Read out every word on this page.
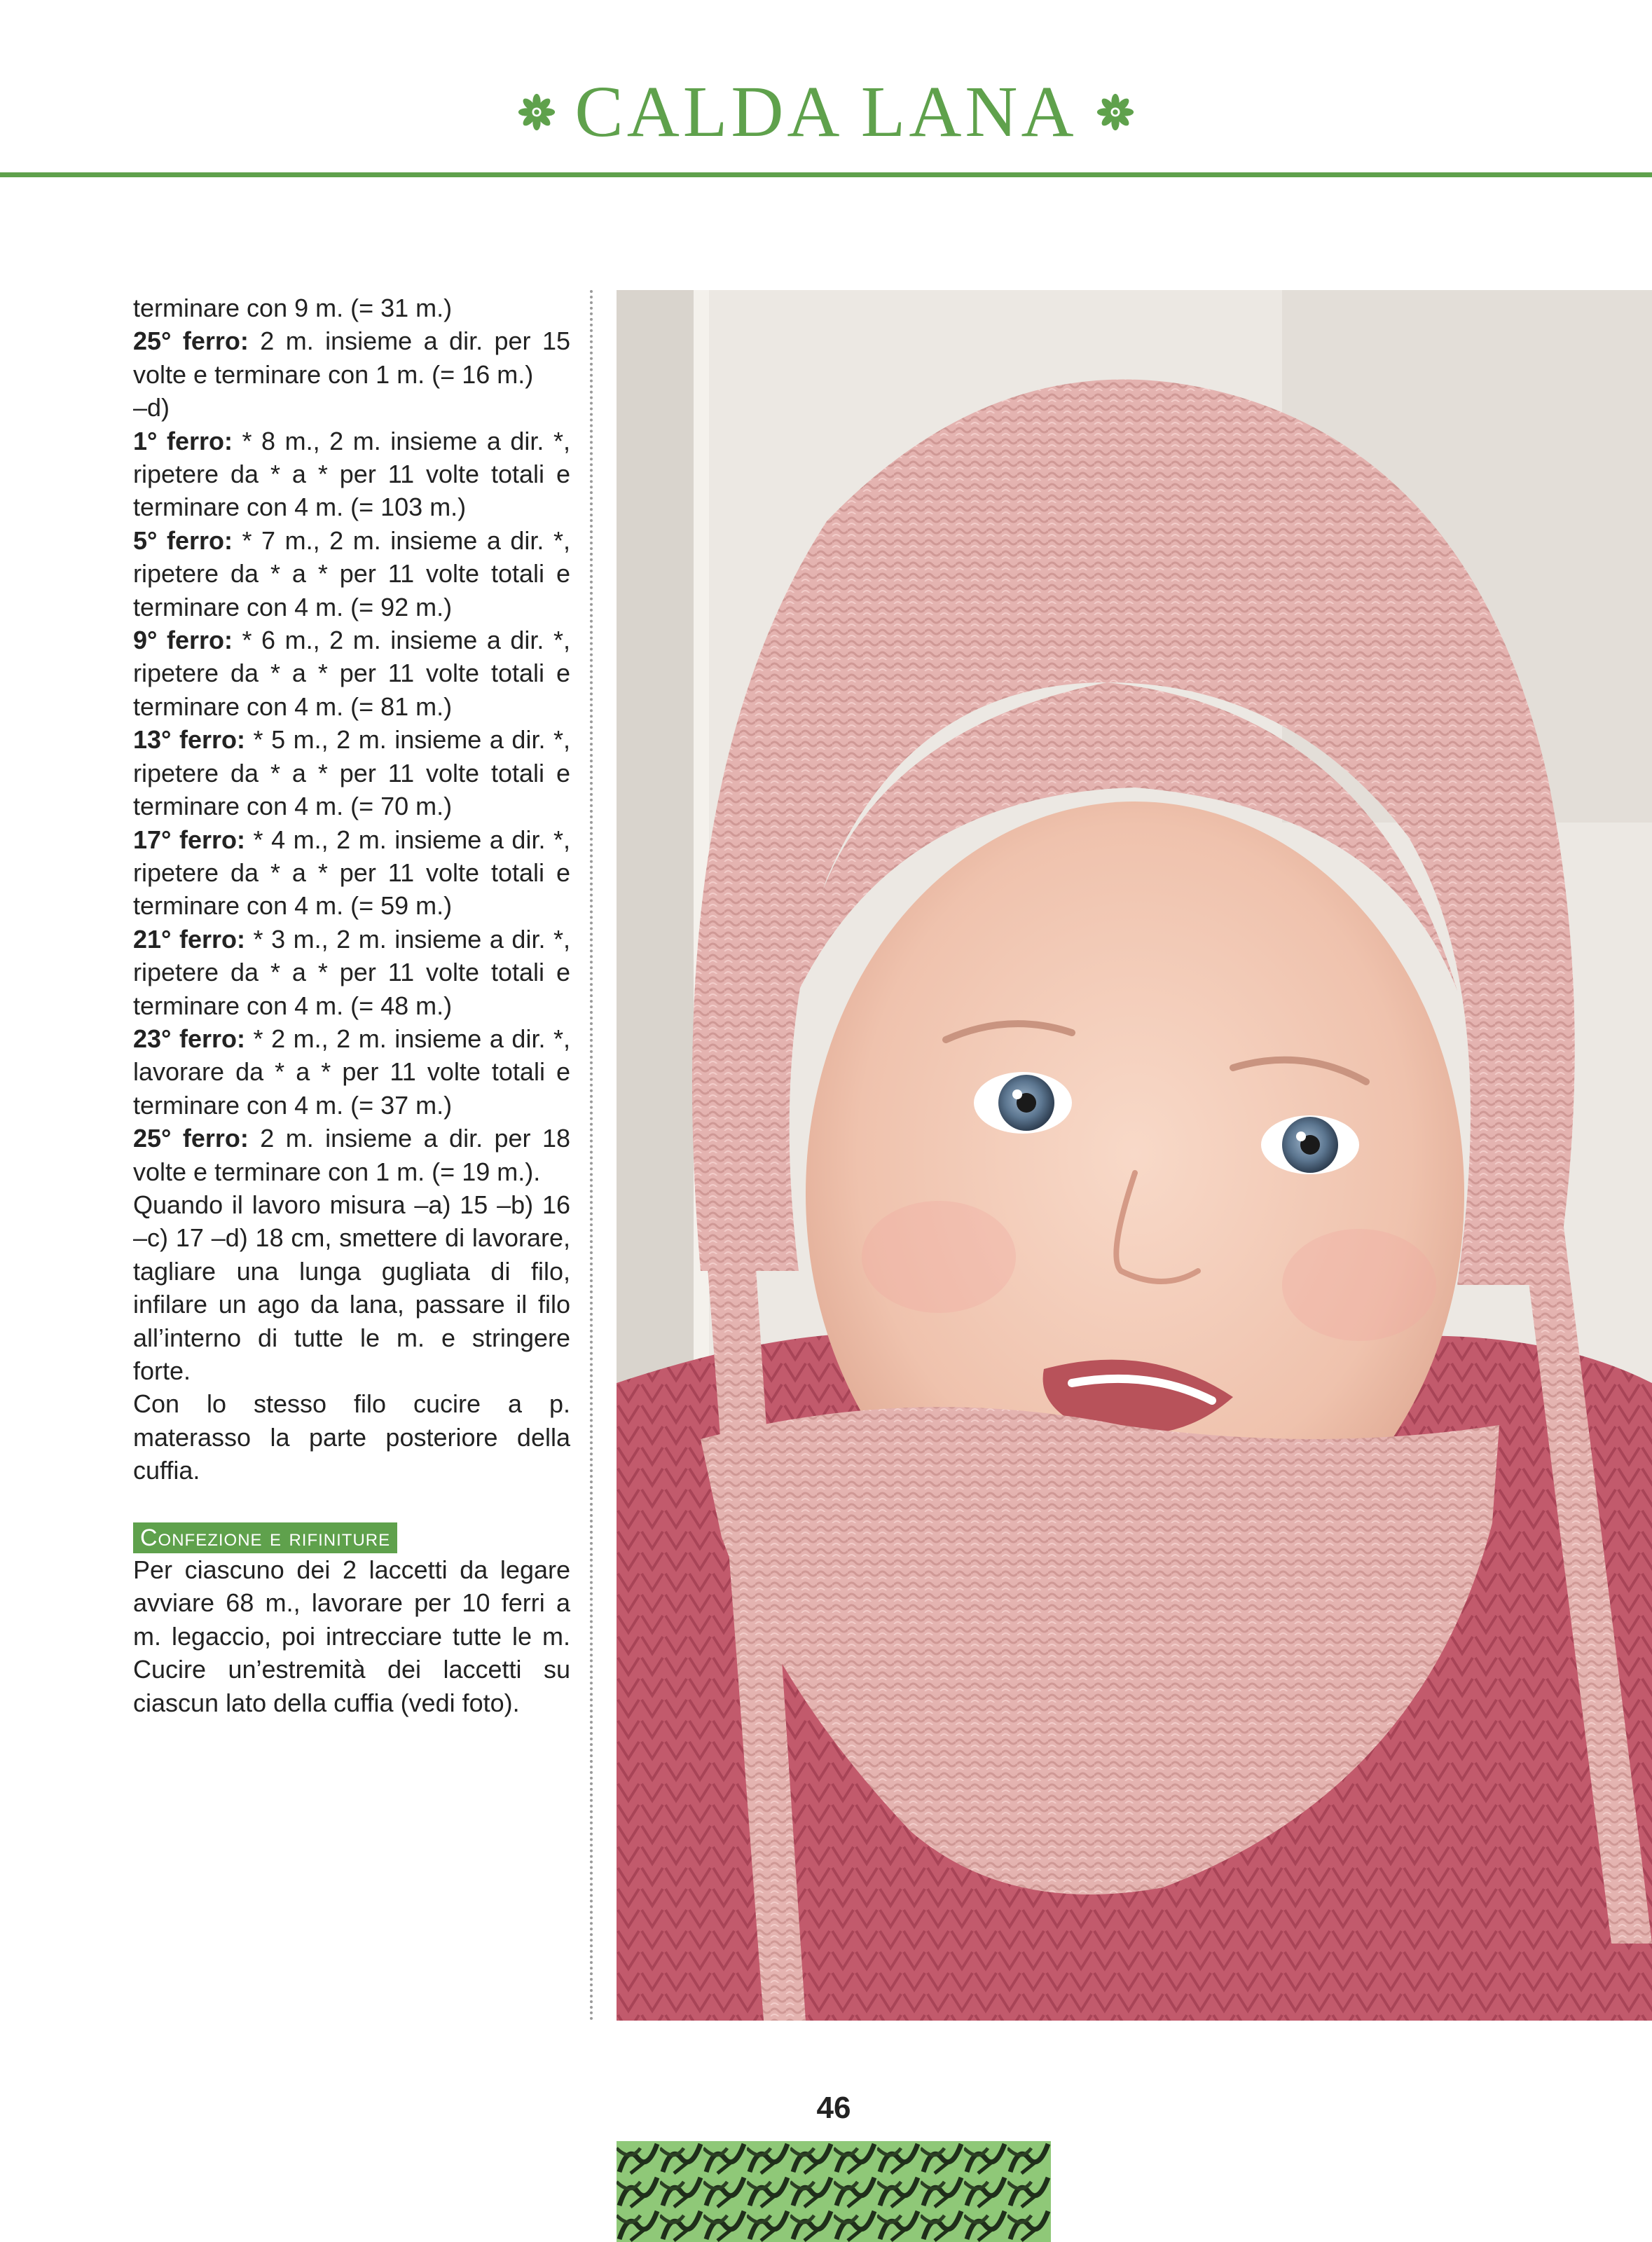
CALDA LANA

terminare con 9 m. (= 31 m.)

25° ferro: 2 m. insieme a dir. per 15 volte e terminare con 1 m. (= 16 m.)

–d)

1° ferro: * 8 m., 2 m. insieme a dir. *, ripetere da * a * per 11 volte totali e terminare con 4 m. (= 103 m.)

5° ferro: * 7 m., 2 m. insieme a dir. *, ripetere da * a * per 11 volte totali e terminare con 4 m. (= 92 m.)

9° ferro: * 6 m., 2 m. insieme a dir. *, ripetere da * a * per 11 volte totali e terminare con 4 m. (= 81 m.)

13° ferro: * 5 m., 2 m. insieme a dir. *, ripetere da * a * per 11 volte totali e terminare con 4 m. (= 70 m.)

17° ferro: * 4 m., 2 m. insieme a dir. *, ripetere da * a * per 11 volte totali e terminare con 4 m. (= 59 m.)

21° ferro: * 3 m., 2 m. insieme a dir. *, ripetere da * a * per 11 volte totali e terminare con 4 m. (= 48 m.)

23° ferro: * 2 m., 2 m. insieme a dir. *, lavorare da * a * per 11 volte totali e terminare con 4 m. (= 37 m.)

25° ferro: 2 m. insieme a dir. per 18 volte e terminare con 1 m. (= 19 m.).

Quando il lavoro misura –a) 15 –b) 16 –c) 17 –d) 18 cm, smettere di lavorare, tagliare una lunga gugliata di filo, infilare un ago da lana, passare il filo all’interno di tutte le m. e stringere forte.

Con lo stesso filo cucire a p. materasso la parte posteriore della cuffia.

Confezione e rifiniture

Per ciascuno dei 2 laccetti da legare avviare 68 m., lavorare per 10 ferri a m. legaccio, poi intrecciare tutte le m. Cucire un’estremità dei laccetti su ciascun lato della cuffia (vedi foto).

46
